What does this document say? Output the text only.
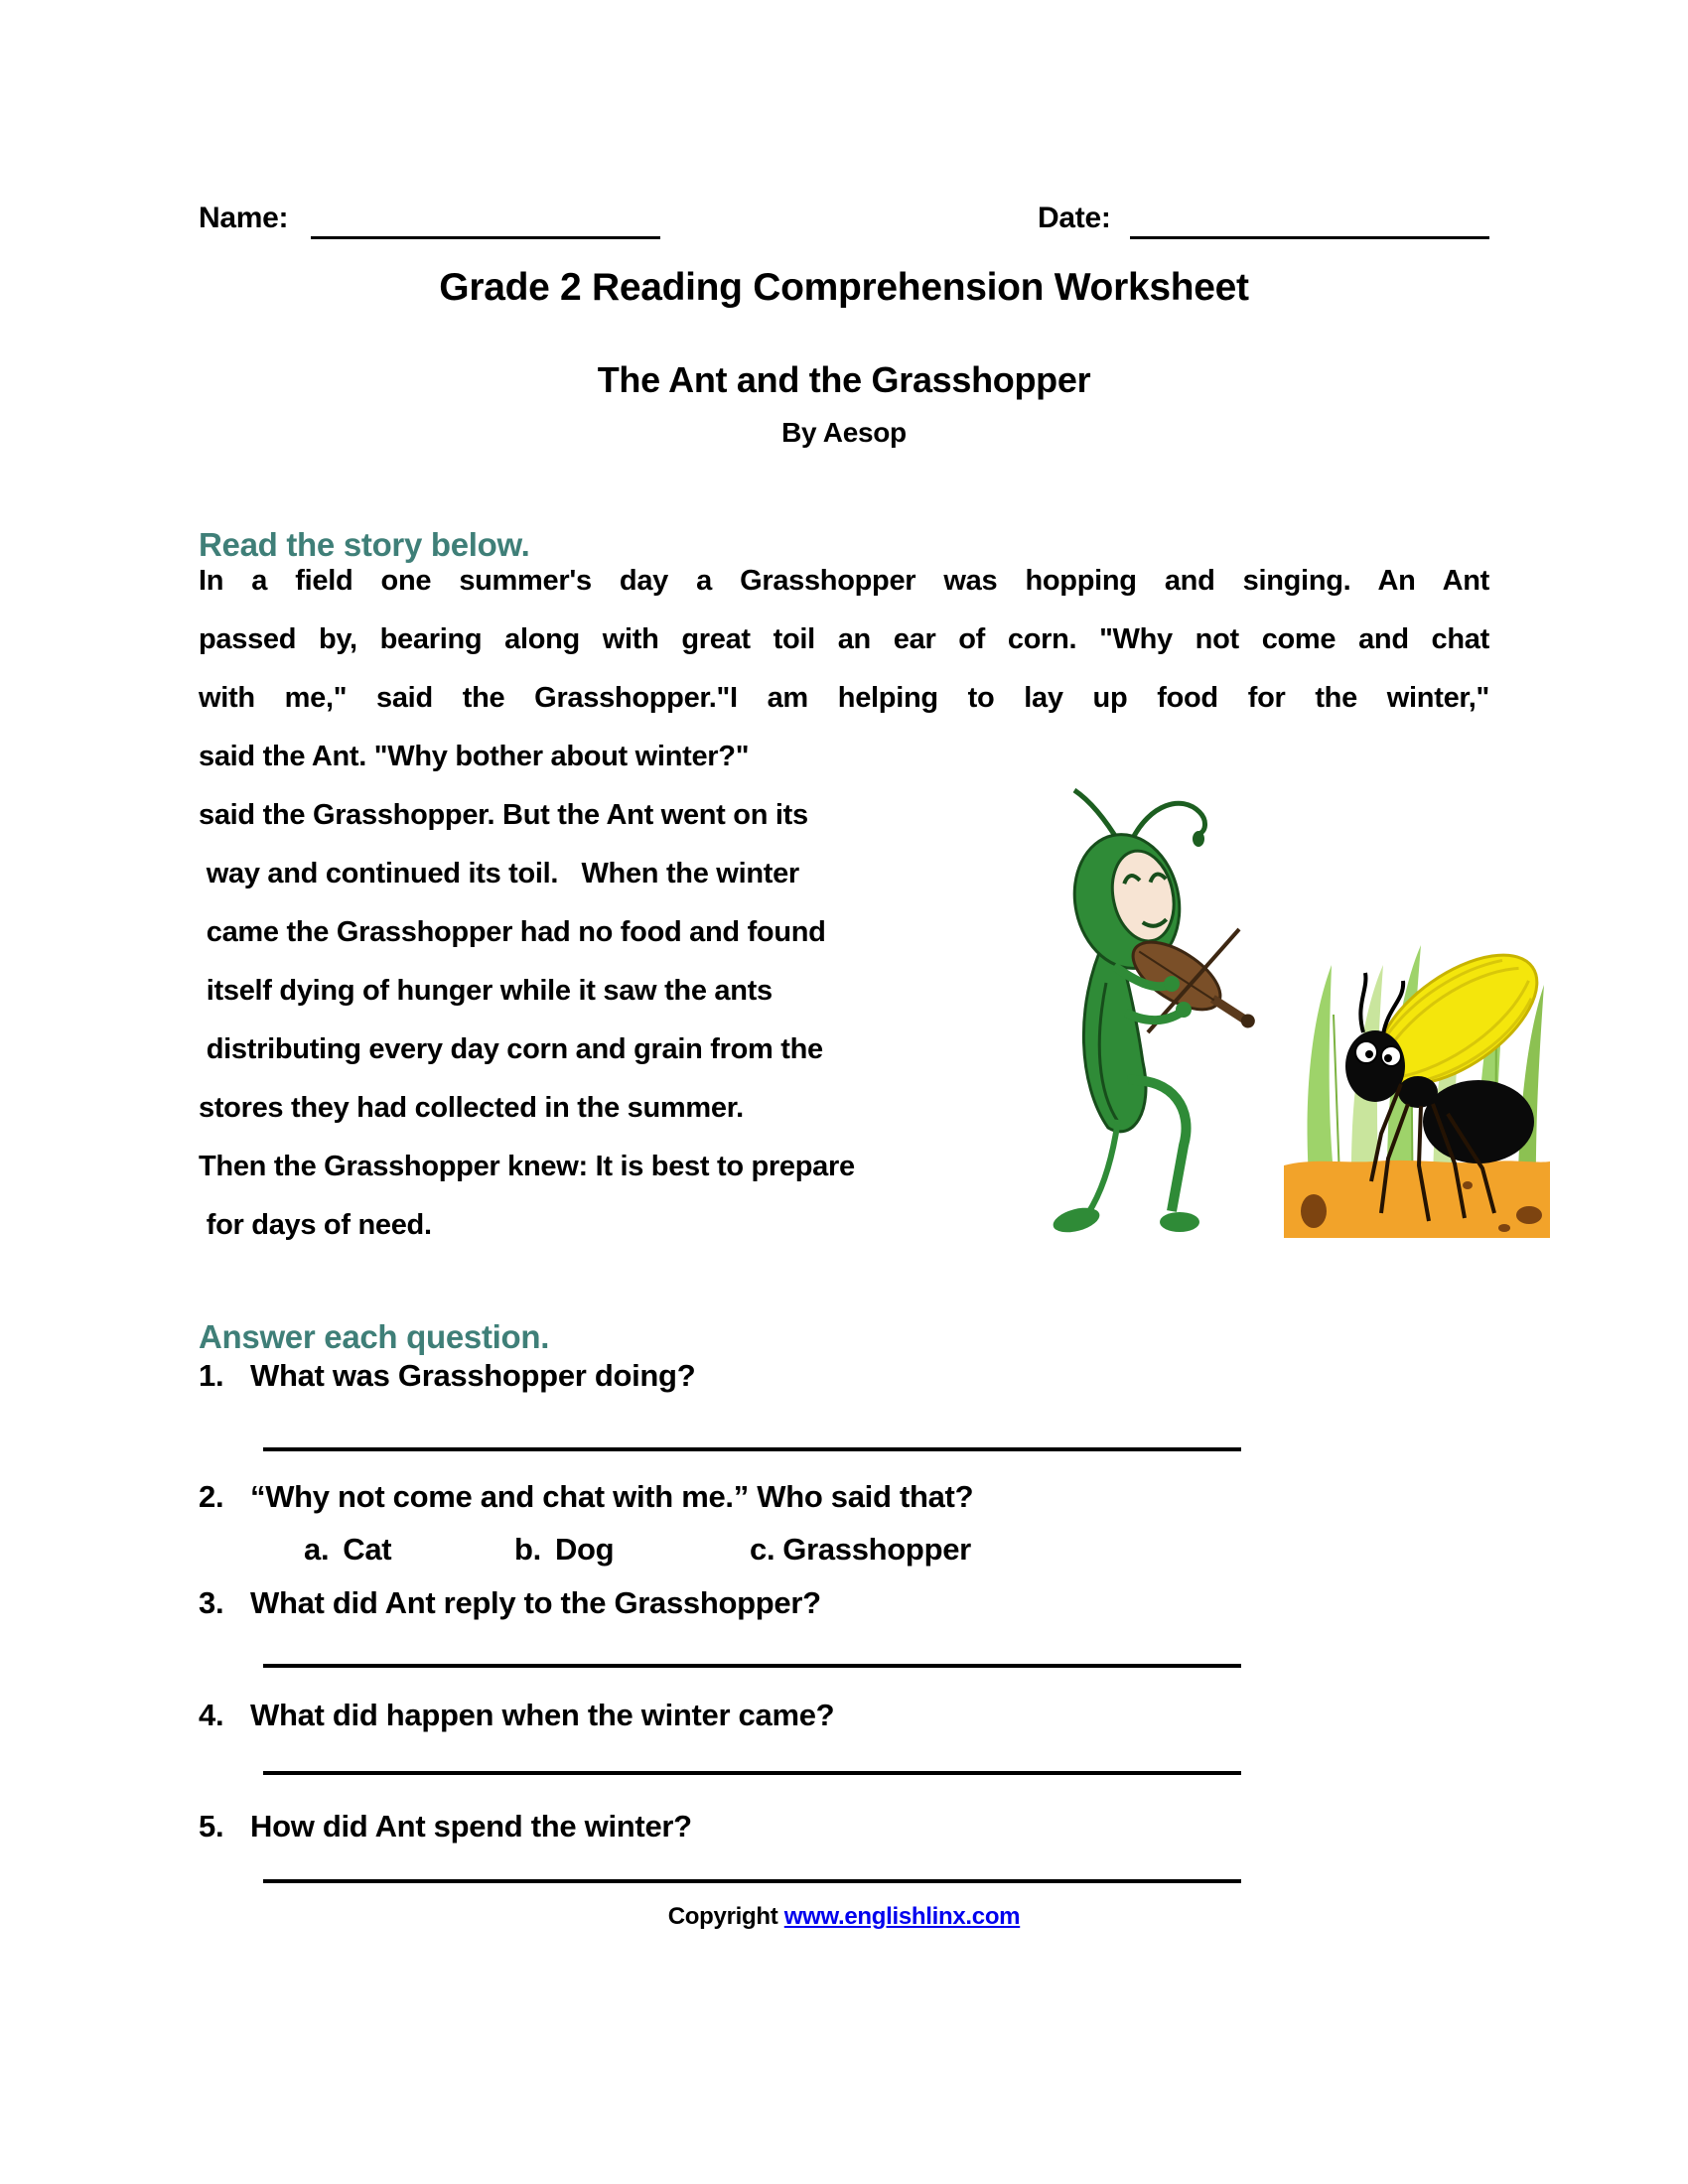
Name:	Date:
Grade 2 Reading Comprehension Worksheet
The Ant and the Grasshopper
By Aesop
Read the story below.
In a field one summer's day a Grasshopper was hopping and singing. An Ant
passed by, bearing along with great toil an ear of corn. "Why not come and chat
with me," said the Grasshopper."I am helping to lay up food for the winter,"
said the Ant. "Why bother about winter?"
said the Grasshopper. But the Ant went on its
way and continued its toil.   When the winter
came the Grasshopper had no food and found
itself dying of hunger while it saw the ants
distributing every day corn and grain from the
stores they had collected in the summer.
Then the Grasshopper knew: It is best to prepare
for days of need.
Answer each question.
1. What was Grasshopper doing?
2. “Why not come and chat with me.” Who said that?
a. Cat	b. Dog	c. Grasshopper
3. What did Ant reply to the Grasshopper?
4. What did happen when the winter came?
5. How did Ant spend the winter?
Copyright www.englishlinx.com
